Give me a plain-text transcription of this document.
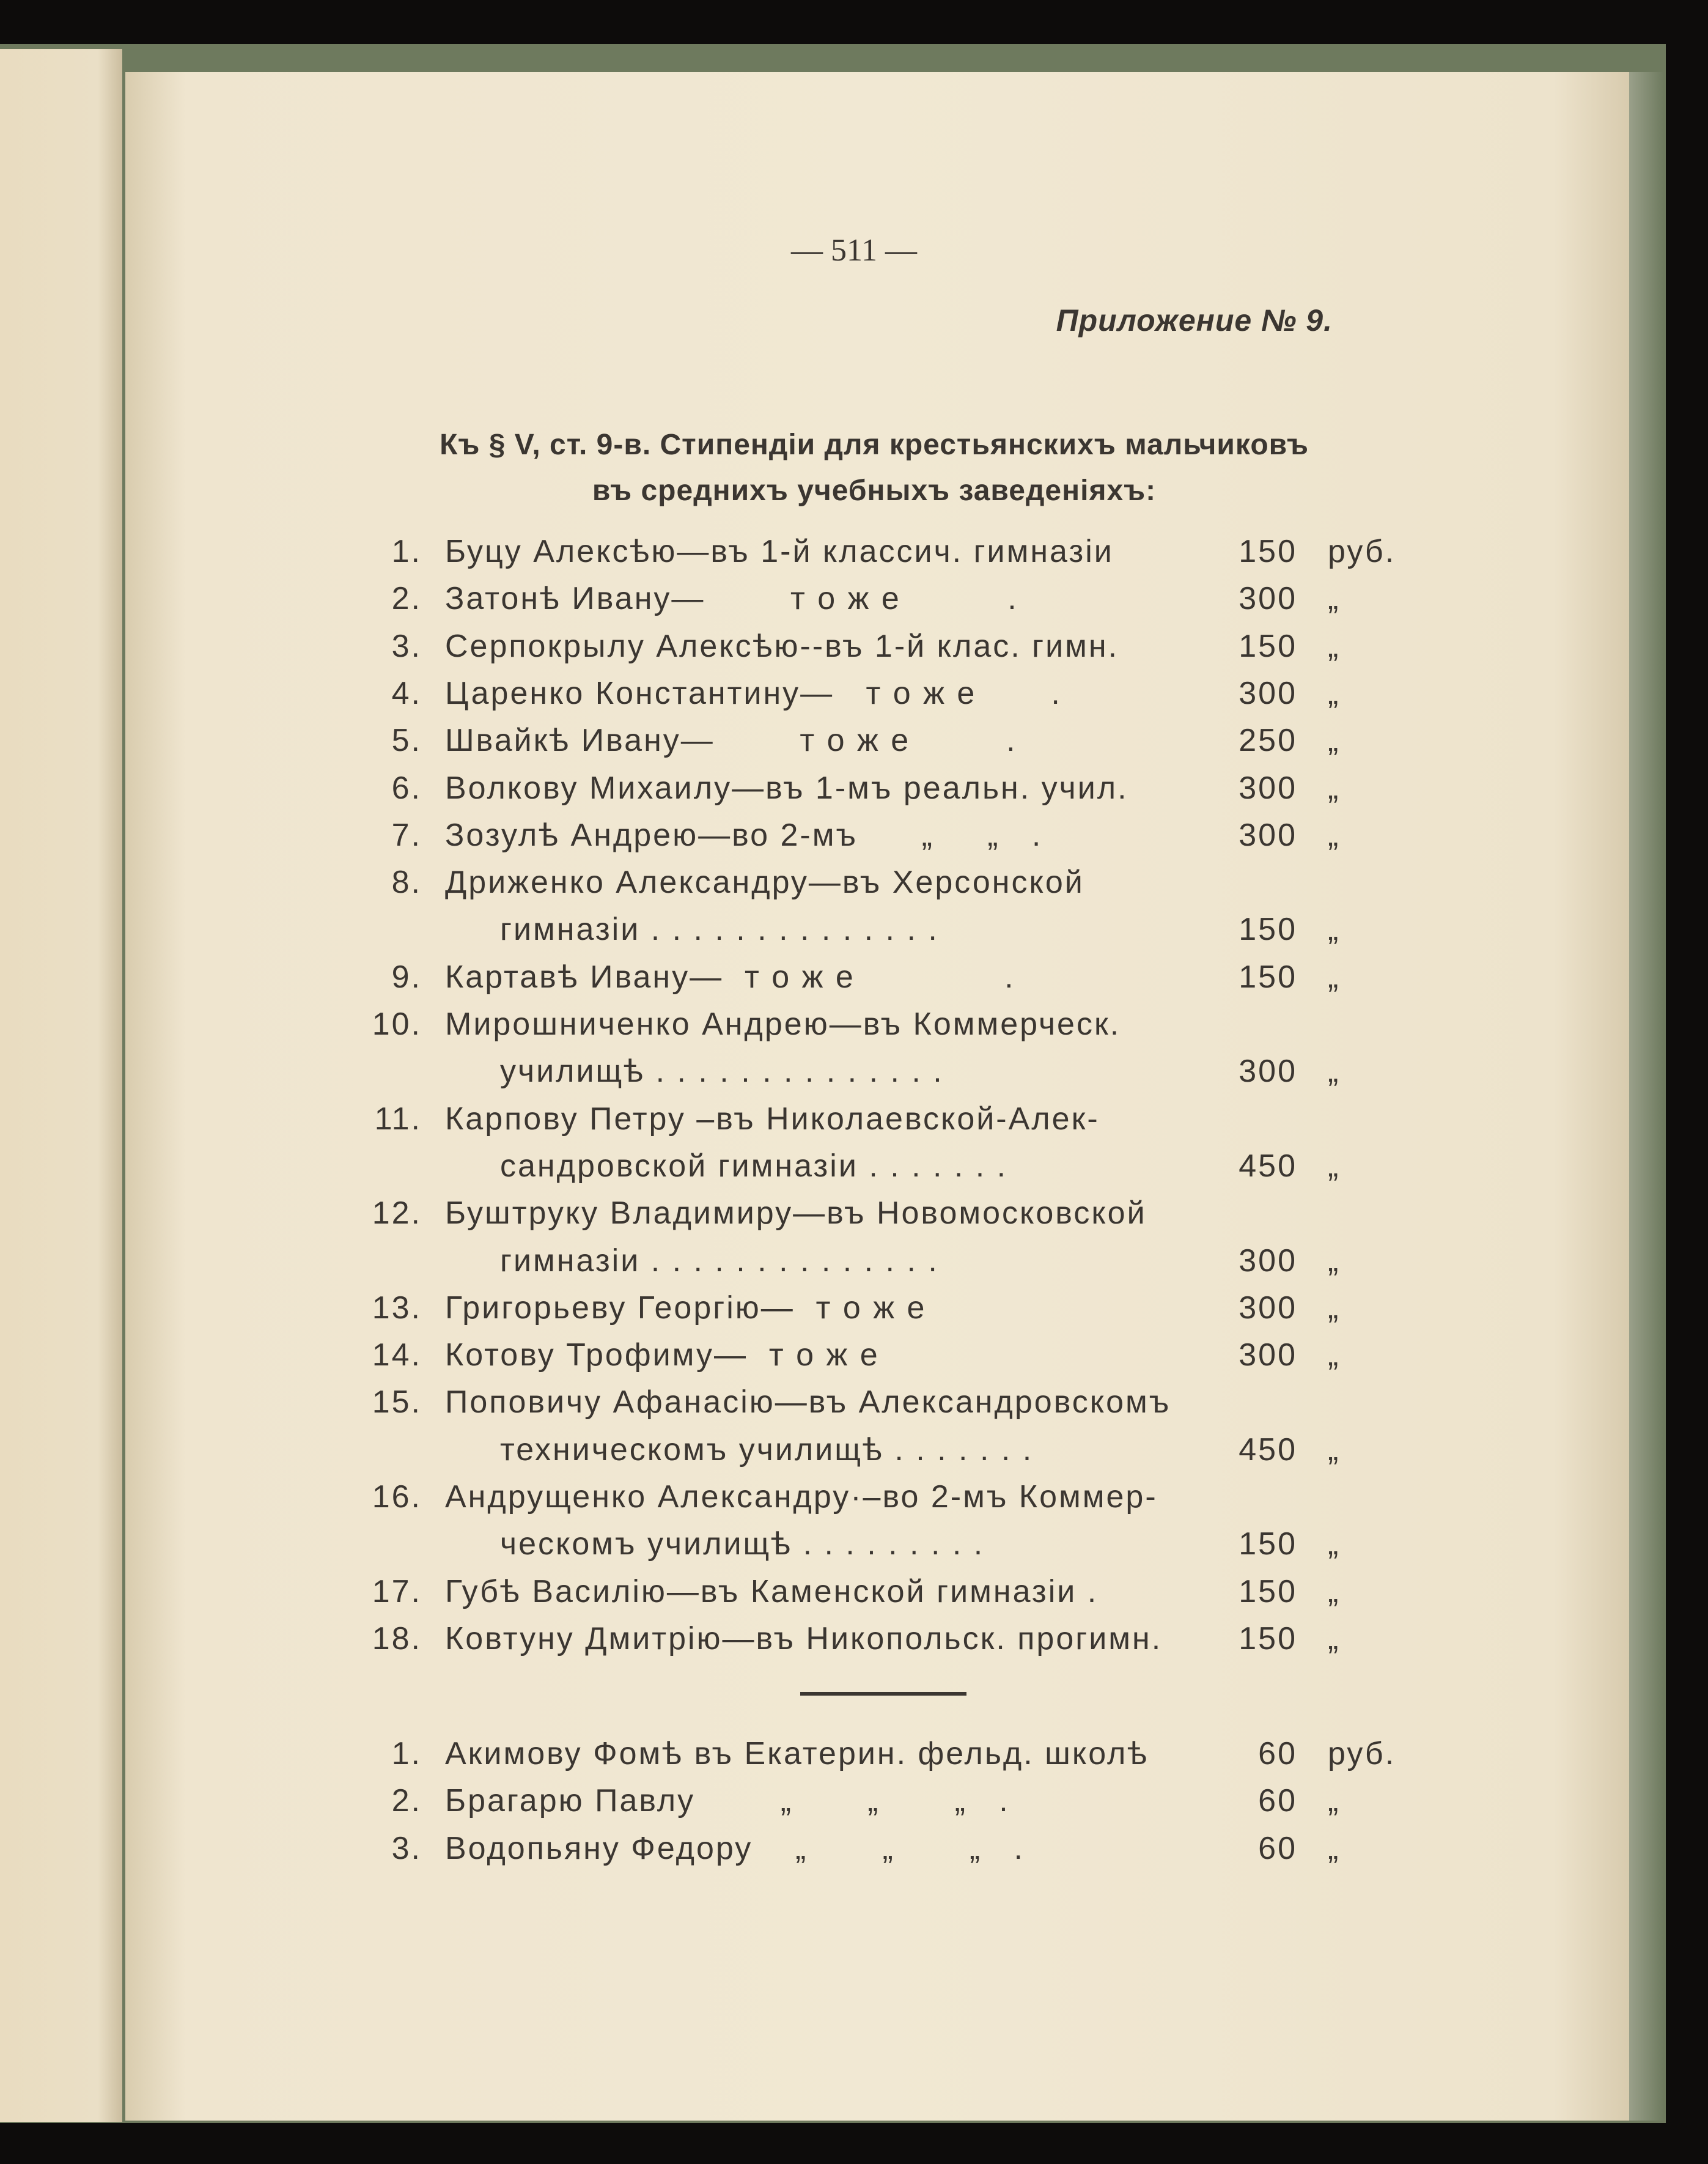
— 511 —
Приложение № 9.
Къ § V, ст. 9-в. Стипендіи для крестьянскихъ мальчиковъ
въ среднихъ учебныхъ заведеніяхъ:
1. Буцу Алексѣю—въ 1-й классич. гимназіи	150 руб.
2. Затонѣ Ивану—        т о ж е          .	300 „
3. Серпокрылу Алексѣю--въ 1-й клас. гимн.	150 „
4. Царенко Константину—   т о ж е       .	300 „
5. Швайкѣ Ивану—        т о ж е         .	250 „
6. Волкову Михаилу—въ 1-мъ реальн. учил.	300 „
7. Зозулѣ Андрею—во 2-мъ      „     „   .	300 „
8. Дриженко Александру—въ Херсонской
гимназіи . . . . . . . . . . . . . .	150 „
9. Картавѣ Ивану—  т о ж е              .	150 „
10. Мирошниченко Андрею—въ Коммерческ.
училищѣ . . . . . . . . . . . . . .	300 „
11. Карпову Петру –въ Николаевской-Алек-
сандровской гимназіи . . . . . . .	450 „
12. Буштруку Владимиру—въ Новомосковской
гимназіи . . . . . . . . . . . . . .	300 „
13. Григорьеву Георгію—  т о ж е	300 „
14. Котову Трофиму—  т о ж е	300 „
15. Поповичу Афанасію—въ Александровскомъ
техническомъ училищѣ . . . . . . .	450 „
16. Андрущенко Александру·–во 2-мъ Коммер-
ческомъ училищѣ . . . . . . . . .	150 „
17. Губѣ Василію—въ Каменской гимназіи .	150 „
18. Ковтуну Дмитрію—въ Никопольск. прогимн. 150 „
1. Акимову Фомѣ въ Екатерин. фельд. школѣ	60 руб.
2. Брагарю Павлу        „       „       „   .	60 „
3. Водопьяну Федору    „       „       „   .	60 „
